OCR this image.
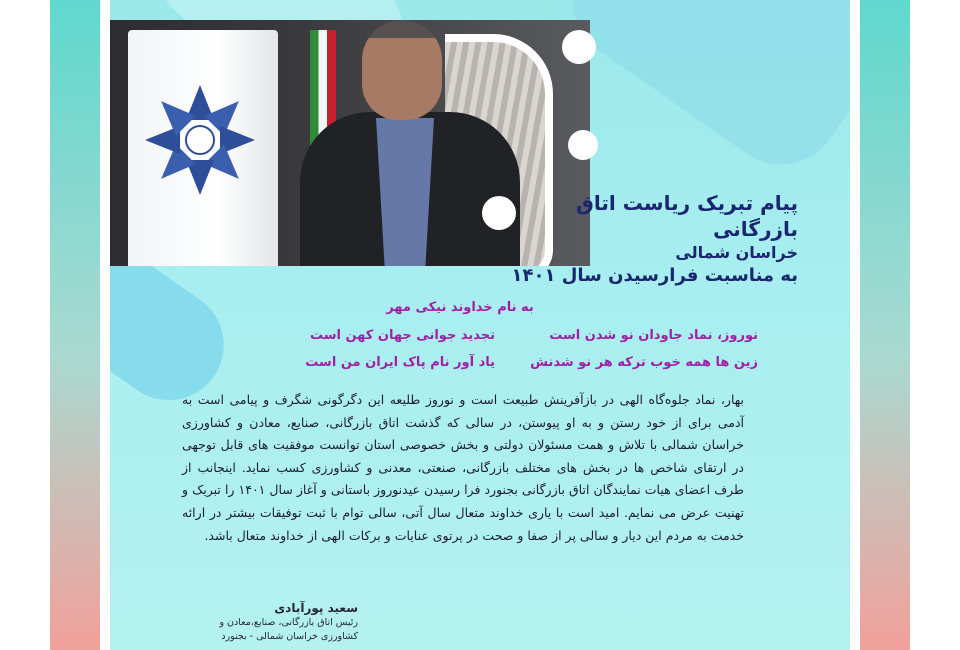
پیام تبریک ریاست اتاق بازرگانی
خراسان شمالی
به مناسبت فرارسیدن سال ۱۴۰۱
به نام خداوند نیکی مهر
نوروز، نماد جاودان نو شدن است
تجدید جوانی جهان کهن است
زین ها همه خوب ترکه هر نو شدنش
یاد آور نام پاک ایران من است
بهار، نماد جلوه‌گاه الهی در بازآفرینش طبیعت است و نوروز طلیعه این دگرگونی شگرف و پیامی است به آدمی برای از خود رستن و به او پیوستن، در سالی که گذشت اتاق بازرگانی، صنایع، معادن و کشاورزی خراسان شمالی با تلاش و همت مسئولان دولتی و بخش خصوصی استان توانست موفقیت های قابل توجهی در ارتقای شاخص ها در بخش های مختلف بازرگانی، صنعتی، معدنی و کشاورزی کسب نماید. اینجانب از طرف اعضای هیات نمایندگان اتاق بازرگانی بجنورد فرا رسیدن عیدنوروز باستانی و آغاز سال ۱۴۰۱ را تبریک و تهنیت عرض می نمایم. امید است با یاری خداوند متعال سال آتی، سالی توام با ثبت توفیقات بیشتر در ارائه خدمت به مردم این دیار و سالی پر از صفا و صحت در پرتوی عنایات و برکات الهی از خداوند متعال باشد.
سعید پورآبادی
رئیس اتاق بازرگانی، صنایع،معادن و
کشاورزی خراسان شمالی - بجنورد
